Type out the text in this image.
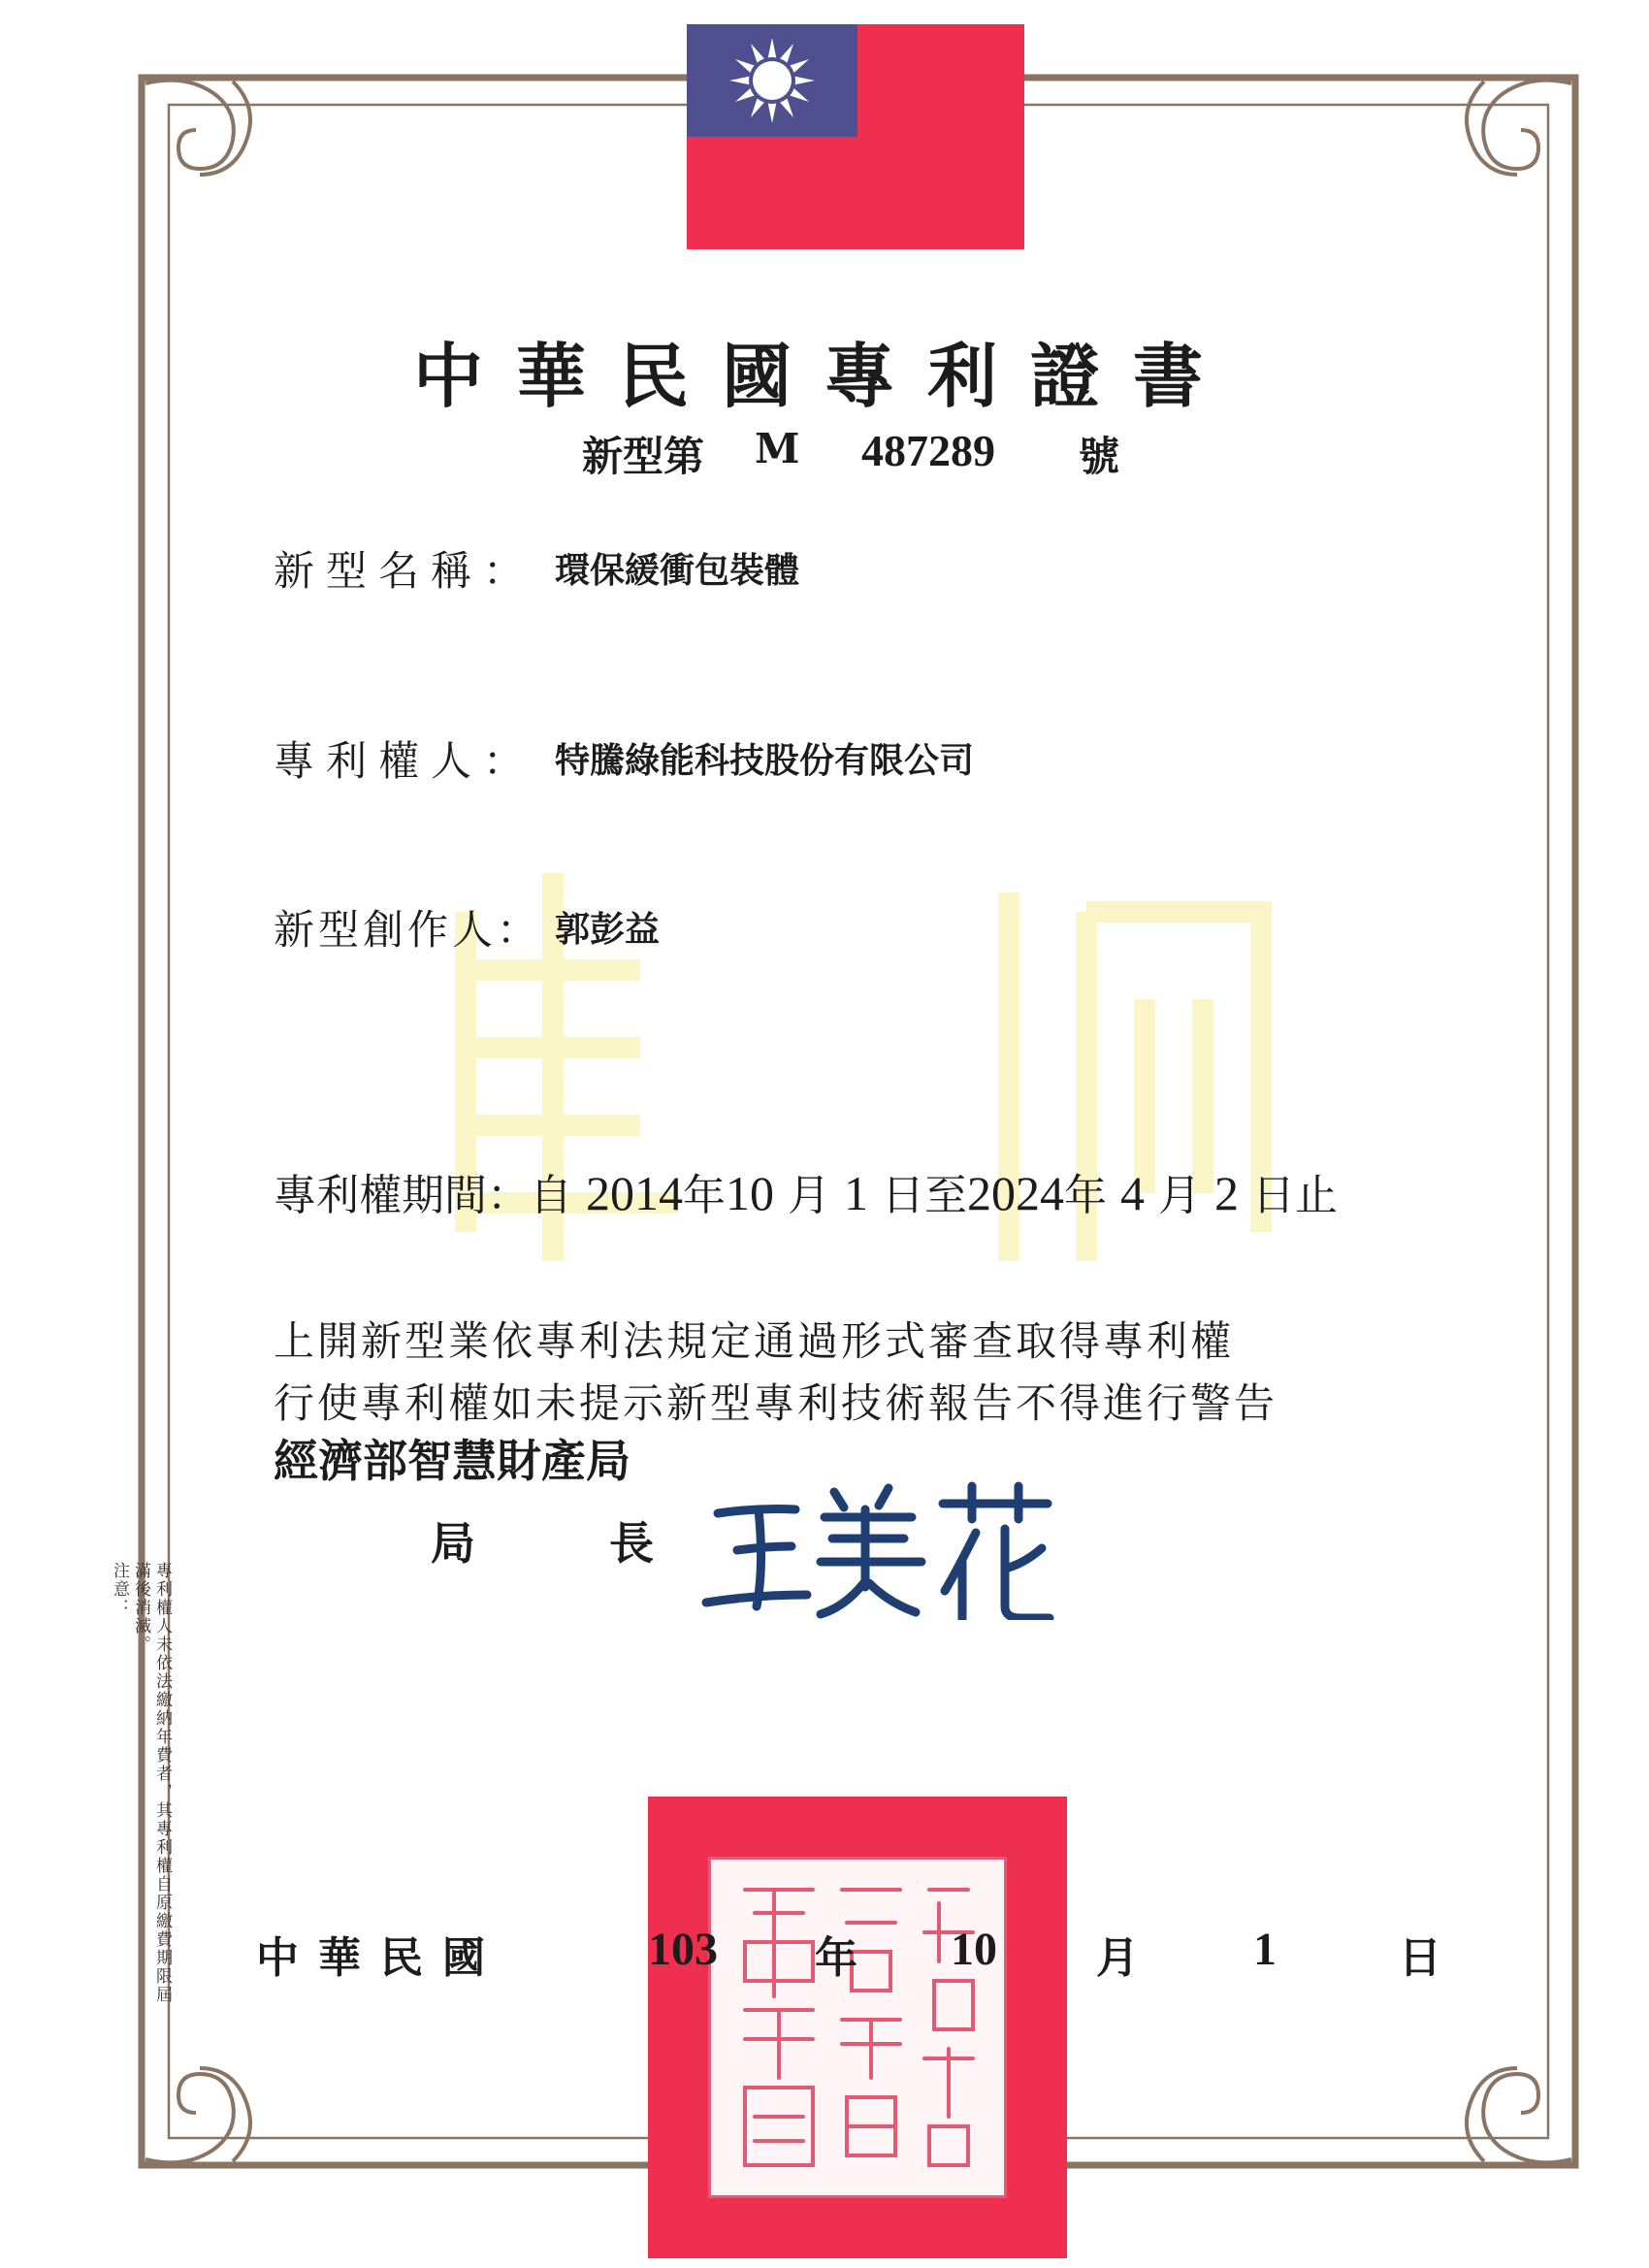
中華民國專利證書
新型第 M 487289 號
新型名稱： 環保緩衝包裝體
專利權人： 特騰綠能科技股份有限公司
新型創作人： 郭彭益
專利權期間：自 2014年10 月 1 日至2024年 4 月 2 日止
上開新型業依專利法規定通過形式審查取得專利權
行使專利權如未提示新型專利技術報告不得進行警告
經濟部智慧財產局
局	長
注意：	專利權人未依法繳納年費者，其專利權自原繳費期限屆滿後消滅。
中華民國	103 年 10 月 1	日
